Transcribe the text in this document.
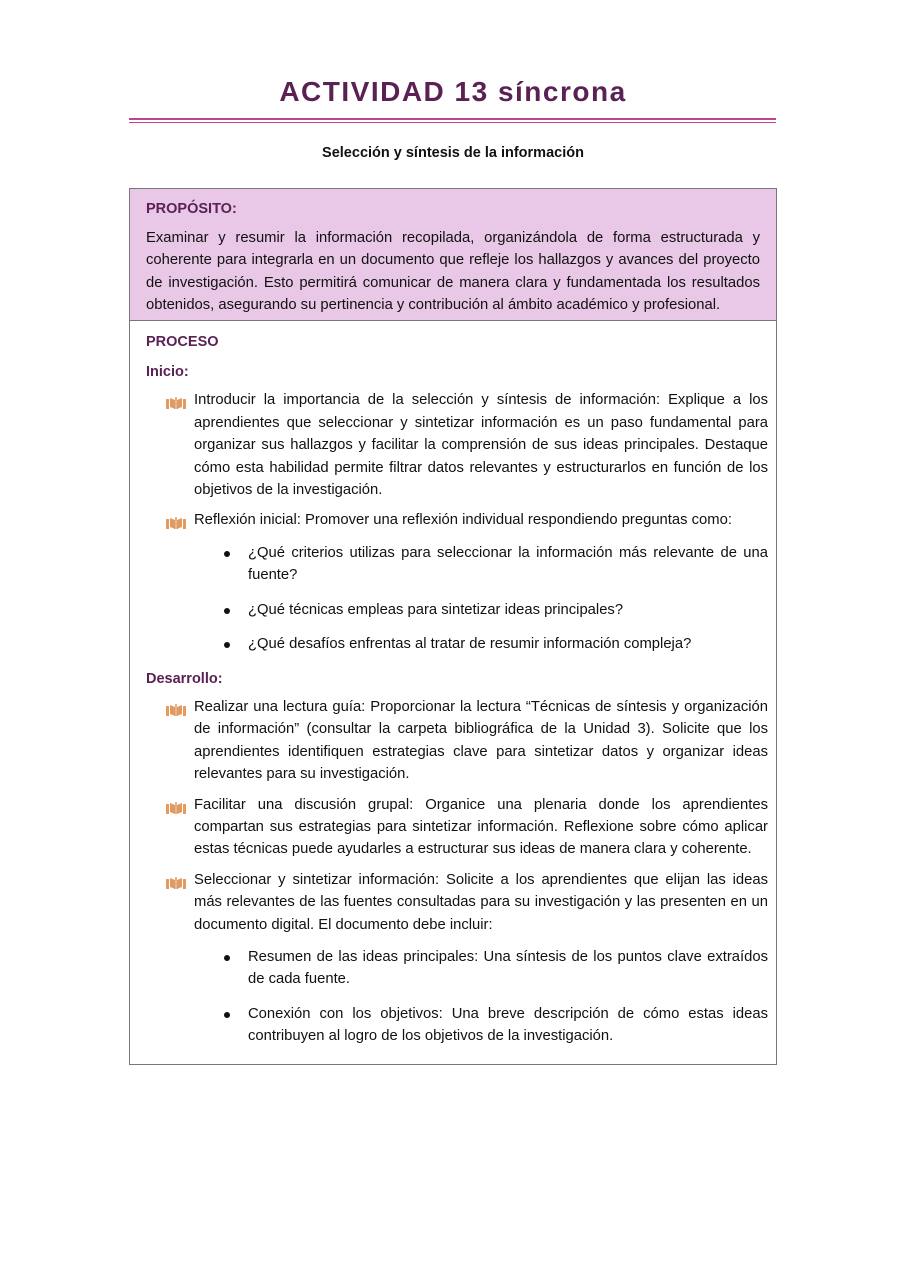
ACTIVIDAD 13 síncrona
Selección y síntesis de la información
PROPÓSITO:
Examinar y resumir la información recopilada, organizándola de forma estructurada y coherente para integrarla en un documento que refleje los hallazgos y avances del proyecto de investigación. Esto permitirá comunicar de manera clara y fundamentada los resultados obtenidos, asegurando su pertinencia y contribución al ámbito académico y profesional.
PROCESO
Inicio:
Introducir la importancia de la selección y síntesis de información: Explique a los aprendientes que seleccionar y sintetizar información es un paso fundamental para organizar sus hallazgos y facilitar la comprensión de sus ideas principales. Destaque cómo esta habilidad permite filtrar datos relevantes y estructurarlos en función de los objetivos de la investigación.
Reflexión inicial: Promover una reflexión individual respondiendo preguntas como:
¿Qué criterios utilizas para seleccionar la información más relevante de una fuente?
¿Qué técnicas empleas para sintetizar ideas principales?
¿Qué desafíos enfrentas al tratar de resumir información compleja?
Desarrollo:
Realizar una lectura guía: Proporcionar la lectura “Técnicas de síntesis y organización de información” (consultar la carpeta bibliográfica de la Unidad 3). Solicite que los aprendientes identifiquen estrategias clave para sintetizar datos y organizar ideas relevantes para su investigación.
Facilitar una discusión grupal: Organice una plenaria donde los aprendientes compartan sus estrategias para sintetizar información. Reflexione sobre cómo aplicar estas técnicas puede ayudarles a estructurar sus ideas de manera clara y coherente.
Seleccionar y sintetizar información: Solicite a los aprendientes que elijan las ideas más relevantes de las fuentes consultadas para su investigación y las presenten en un documento digital. El documento debe incluir:
Resumen de las ideas principales: Una síntesis de los puntos clave extraídos de cada fuente.
Conexión con los objetivos: Una breve descripción de cómo estas ideas contribuyen al logro de los objetivos de la investigación.
